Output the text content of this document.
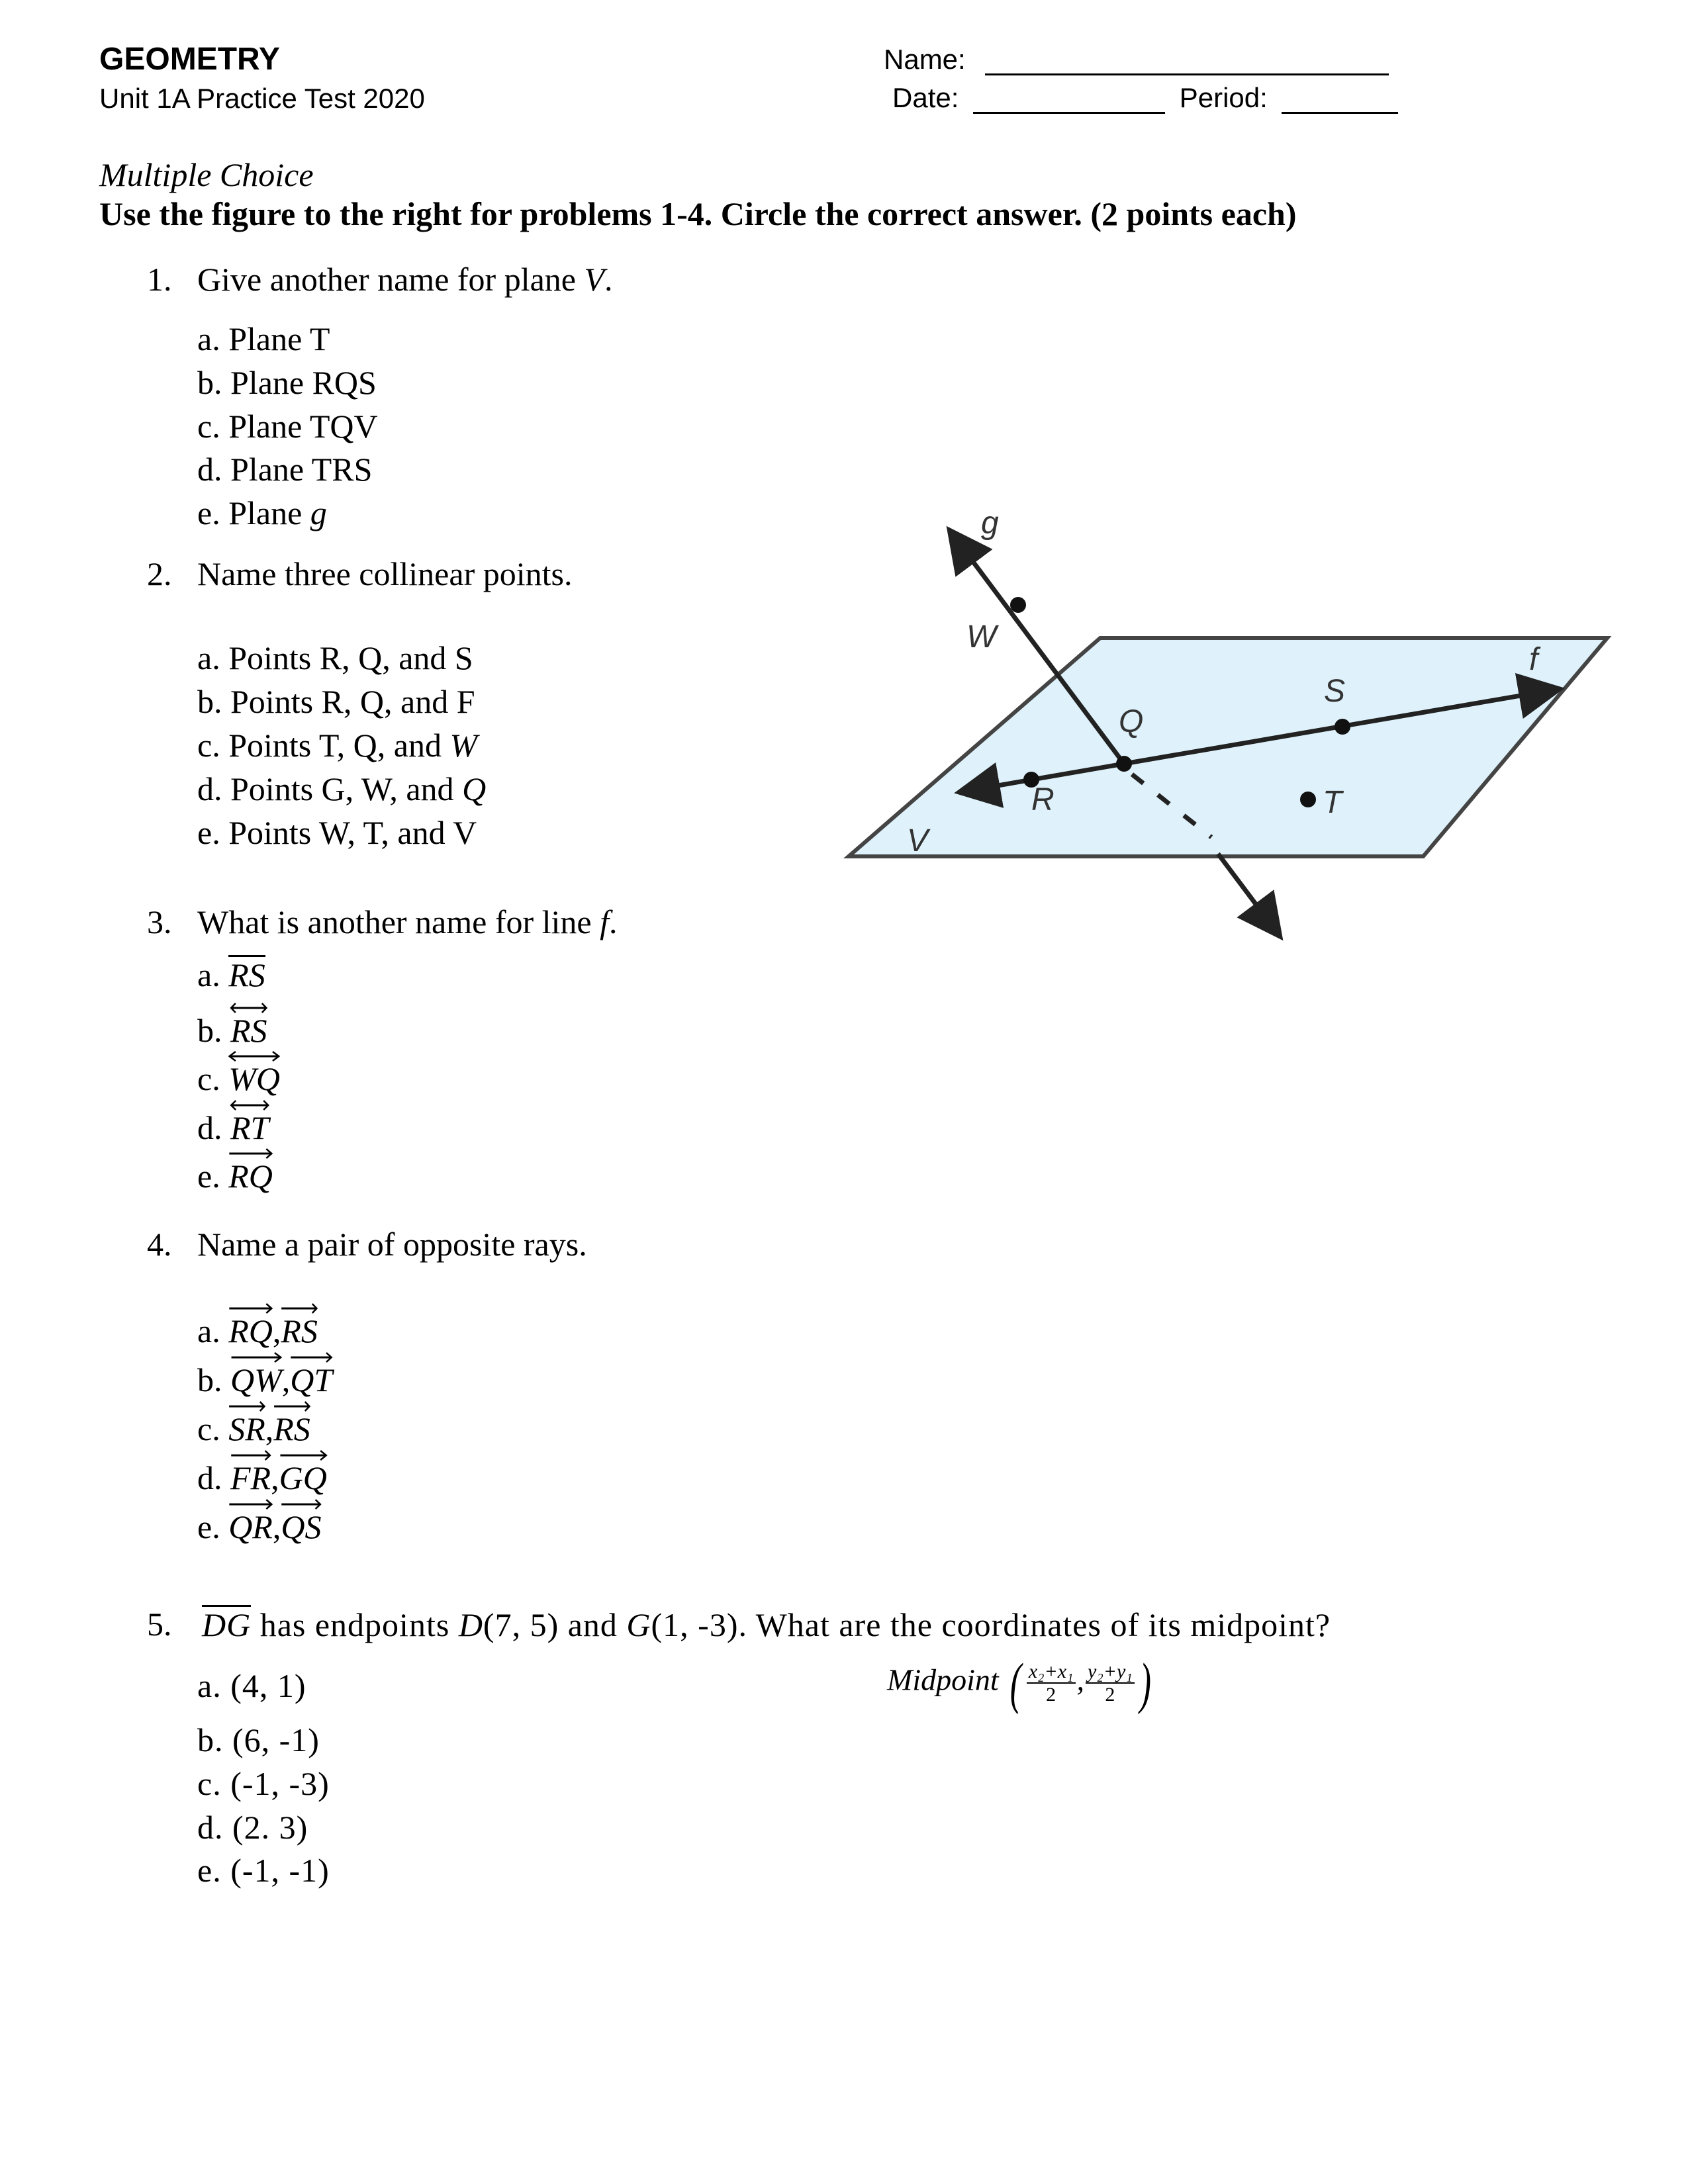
GEOMETRY
Unit 1A Practice Test 2020
Name:
Date:	Period:
Multiple Choice
Use the figure to the right for problems 1-4. Circle the correct answer. (2 points each)
1. Give another name for plane V.
a. Plane T
b. Plane RQS
c. Plane TQV
d. Plane TRS
e. Plane g
2. Name three collinear points.
a. Points R, Q, and S
b. Points R, Q, and F
c. Points T, Q, and W
d. Points G, W, and Q
e. Points W, T, and V
3. What is another name for line f.
a. RS
b. RS
c. WQ
d. RT
e. RQ
4. Name a pair of opposite rays.
a. RQ,
RS
b. QW,
QT
c. SR,
RS
d. FR,
GQ
e. QR,
QS
5. DG has endpoints D(7, 5) and G(1, -3). What are the coordinates of its midpoint?
a. (4, 1)
b. (6, -1)
c. (-1, -3)
d. (2. 3)
e. (-1, -1)
Midpoint ( $\frac{\text{x₂+x₁}}{2}$ , $\frac{\text{y₂+y₁}}{2}$ )
g
W
f
S
Q
R	T
V
